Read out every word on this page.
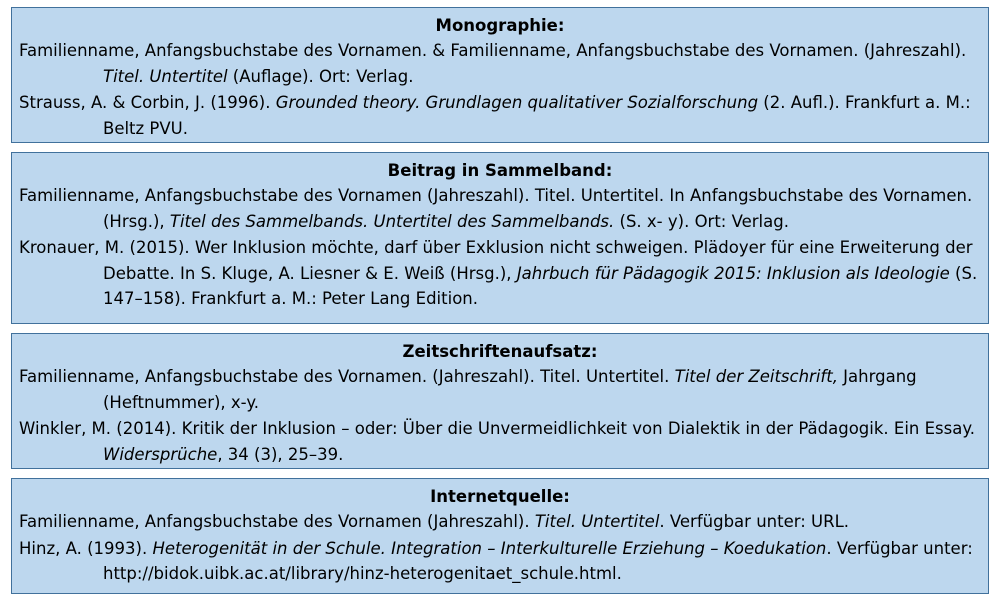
Monographie:
Familienname, Anfangsbuchstabe des Vornamen. & Familienname, Anfangsbuchstabe des Vornamen. (Jahreszahl). Titel. Untertitel (Auflage). Ort: Verlag.
Strauss, A. & Corbin, J. (1996). Grounded theory. Grundlagen qualitativer Sozialforschung (2. Aufl.). Frankfurt a. M.: Beltz PVU.
Beitrag in Sammelband:
Familienname, Anfangsbuchstabe des Vornamen (Jahreszahl). Titel. Untertitel. In Anfangsbuchstabe des Vornamen. (Hrsg.), Titel des Sammelbands. Untertitel des Sammelbands. (S. x- y). Ort: Verlag.
Kronauer, M. (2015). Wer Inklusion möchte, darf über Exklusion nicht schweigen. Plädoyer für eine Erweiterung der Debatte. In S. Kluge, A. Liesner & E. Weiß (Hrsg.), Jahrbuch für Pädagogik 2015: Inklusion als Ideologie (S. 147–158). Frankfurt a. M.: Peter Lang Edition.
Zeitschriftenaufsatz:
Familienname, Anfangsbuchstabe des Vornamen. (Jahreszahl). Titel. Untertitel. Titel der Zeitschrift, Jahrgang (Heftnummer), x-y.
Winkler, M. (2014). Kritik der Inklusion – oder: Über die Unvermeidlichkeit von Dialektik in der Pädagogik. Ein Essay. Widersprüche, 34 (3), 25–39.
Internetquelle:
Familienname, Anfangsbuchstabe des Vornamen (Jahreszahl). Titel. Untertitel. Verfügbar unter: URL.
Hinz, A. (1993). Heterogenität in der Schule. Integration – Interkulturelle Erziehung – Koedukation. Verfügbar unter: http://bidok.uibk.ac.at/library/hinz-heterogenitaet_schule.html.
